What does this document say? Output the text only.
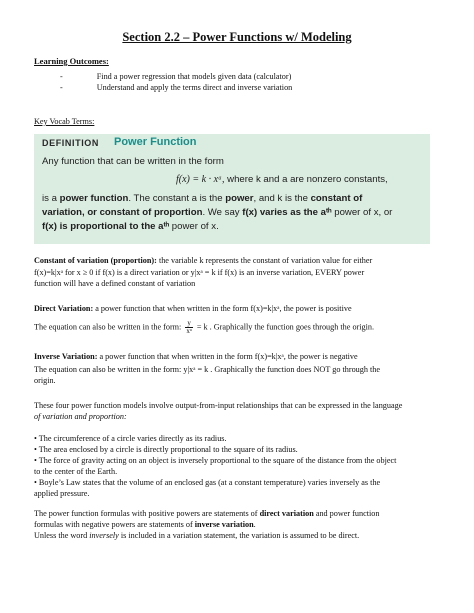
Section 2.2 – Power Functions w/ Modeling
Learning Outcomes:
-	Find a power regression that models given data (calculator)
-	Understand and apply the terms direct and inverse variation
Key Vocab Terms:
DEFINITION Power Function
Any function that can be written in the form
f(x) = k · xᵃ, where k and a are nonzero constants,
is a power function. The constant a is the power, and k is the constant of
variation, or constant of proportion. We say f(x) varies as the aᵗʰ power of x, or
f(x) is proportional to the aᵗʰ power of x.
Constant of variation (proportion): the variable k represents the constant of variation value for either
f(x)=k|xᵃ for x ≥ 0 if f(x) is a direct variation or y|xᵃ = k if f(x) is an inverse variation, EVERY power
function will have a defined constant of variation
Direct Variation: a power function that when written in the form f(x)=k|xᵃ, the power is positive
The equation can also be written in the form: $\frac{y}{\text{xᵃ}} = k$ . Graphically the function goes through the origin.
Inverse Variation: a power function that when written in the form f(x)=k|xᵃ, the power is negative
The equation can also be written in the form: y|xᵃ = k . Graphically the function does NOT go through the
origin.
These four power function models involve output-from-input relationships that can be expressed in the language
of variation and proportion:
• The circumference of a circle varies directly as its radius.
• The area enclosed by a circle is directly proportional to the square of its radius.
• The force of gravity acting on an object is inversely proportional to the square of the distance from the object
to the center of the Earth.
• Boyle’s Law states that the volume of an enclosed gas (at a constant temperature) varies inversely as the
applied pressure.
The power function formulas with positive powers are statements of direct variation and power function
formulas with negative powers are statements of inverse variation.
Unless the word inversely is included in a variation statement, the variation is assumed to be direct.
